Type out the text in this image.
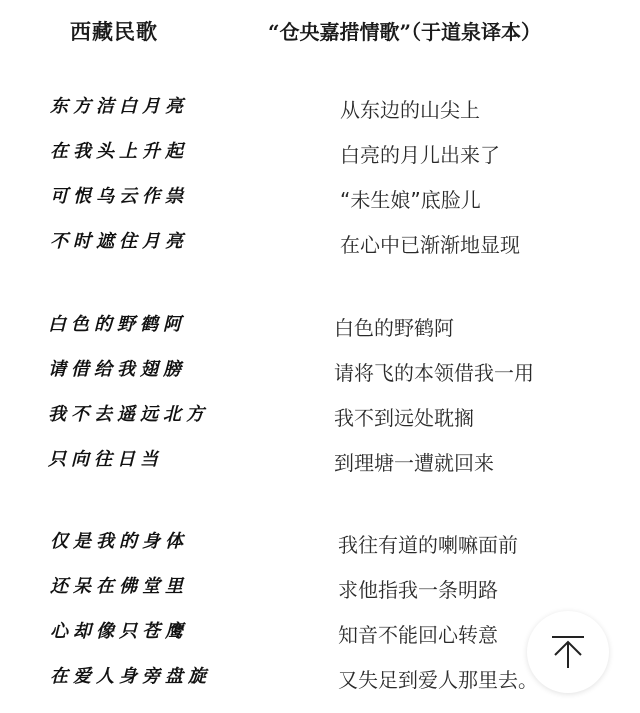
西藏民歌	“仓央嘉措情歌”（于道泉译本）
东方洁白月亮	从东边的山尖上
在我头上升起	白亮的月儿出来了
可恨乌云作祟	“未生娘”底脸儿
不时遮住月亮	在心中已渐渐地显现
白色的野鹤阿	白色的野鹤阿
请借给我翅膀	请将飞的本领借我一用
我不去遥远北方	我不到远处耽搁
只向往日当	到理塘一遭就回来
仅是我的身体	我往有道的喇嘛面前
还呆在佛堂里	求他指我一条明路
心却像只苍鹰	知音不能回心转意
在爱人身旁盘旋	又失足到爱人那里去。
